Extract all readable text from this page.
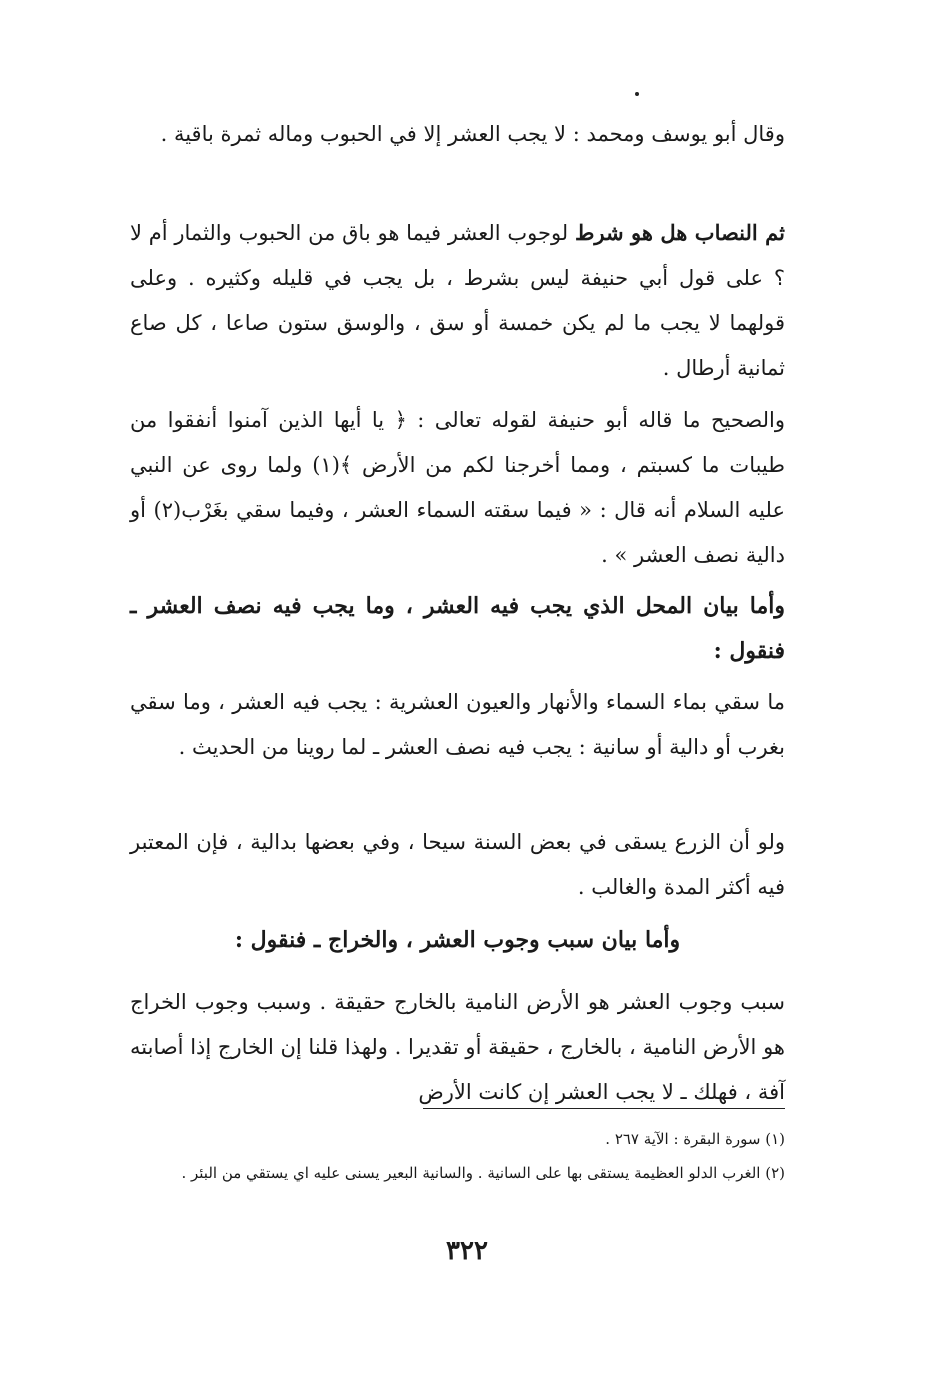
وقال أبو يوسف ومحمد : لا يجب العشر إلا في الحبوب وماله ثمرة باقية .

ثم النصاب هل هو شرط لوجوب العشر فيما هو باق من الحبوب والثمار أم لا ؟ على قول أبي حنيفة ليس بشرط ، بل يجب في قليله وكثيره . وعلى قولهما لا يجب ما لم يكن خمسة أو سق ، والوسق ستون صاعا ، كل صاع ثمانية أرطال .

والصحيح ما قاله أبو حنيفة لقوله تعالى : ﴿ يا أيها الذين آمنوا أنفقوا من طيبات ما كسبتم ، ومما أخرجنا لكم من الأرض ﴾(١) ولما روى عن النبي عليه السلام أنه قال : « فيما سقته السماء العشر ، وفيما سقي بغَرْب(٢) أو دالية نصف العشر » .

وأما بيان المحل الذي يجب فيه العشر ، وما يجب فيه نصف العشر ـ فنقول :

ما سقي بماء السماء والأنهار والعيون العشرية : يجب فيه العشر ، وما سقي بغرب أو دالية أو سانية : يجب فيه نصف العشر ـ لما روينا من الحديث .

ولو أن الزرع يسقى في بعض السنة سيحا ، وفي بعضها بدالية ، فإن المعتبر فيه أكثر المدة والغالب .

وأما بيان سبب وجوب العشر ، والخراج ـ فنقول :

سبب وجوب العشر هو الأرض النامية بالخارج حقيقة . وسبب وجوب الخراج هو الأرض النامية ، بالخارج ، حقيقة أو تقديرا . ولهذا قلنا إن الخارج إذا أصابته آفة ، فهلك ـ لا يجب العشر إن كانت الأرض

(١) سورة البقرة : الآية ٢٦٧ .

(٢) الغرب الدلو العظيمة يستقى بها على السانية . والسانية البعير يسنى عليه اي يستقي من البئر .

٣٢٢
